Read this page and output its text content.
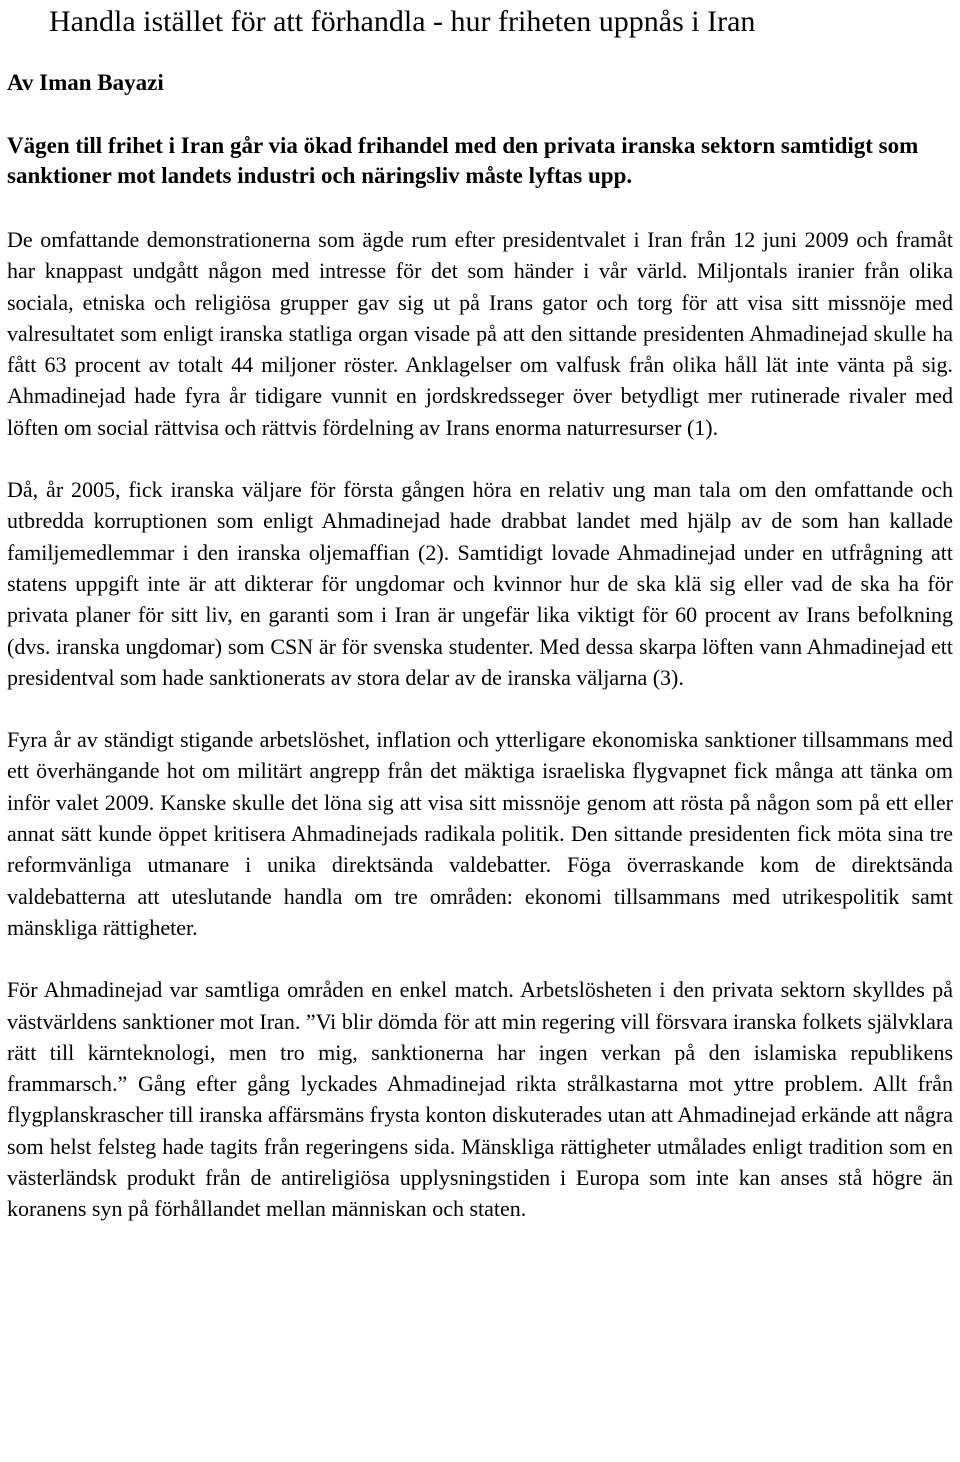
Handla istället för att förhandla - hur friheten uppnås i Iran
Av Iman Bayazi
Vägen till frihet i Iran går via ökad frihandel med den privata iranska sektorn samtidigt som sanktioner mot landets industri och näringsliv måste lyftas upp.

De omfattande demonstrationerna som ägde rum efter presidentvalet i Iran från 12 juni 2009 och framåt har knappast undgått någon med intresse för det som händer i vår värld. Miljontals iranier från olika sociala, etniska och religiösa grupper gav sig ut på Irans gator och torg för att visa sitt missnöje med valresultatet som enligt iranska statliga organ visade på att den sittande presidenten Ahmadinejad skulle ha fått 63 procent av totalt 44 miljoner röster. Anklagelser om valfusk från olika håll lät inte vänta på sig. Ahmadinejad hade fyra år tidigare vunnit en jordskredsseger över betydligt mer rutinerade rivaler med löften om social rättvisa och rättvis fördelning av Irans enorma naturresurser (1).

Då, år 2005, fick iranska väljare för första gången höra en relativ ung man tala om den omfattande och utbredda korruptionen som enligt Ahmadinejad hade drabbat landet med hjälp av de som han kallade familjemedlemmar i den iranska oljemaffian (2). Samtidigt lovade Ahmadinejad under en utfrågning att statens uppgift inte är att dikterar för ungdomar och kvinnor hur de ska klä sig eller vad de ska ha för privata planer för sitt liv, en garanti som i Iran är ungefär lika viktigt för 60 procent av Irans befolkning (dvs. iranska ungdomar) som CSN är för svenska studenter. Med dessa skarpa löften vann Ahmadinejad ett presidentval som hade sanktionerats av stora delar av de iranska väljarna (3).

Fyra år av ständigt stigande arbetslöshet, inflation och ytterligare ekonomiska sanktioner tillsammans med ett överhängande hot om militärt angrepp från det mäktiga israeliska flygvapnet fick många att tänka om inför valet 2009. Kanske skulle det löna sig att visa sitt missnöje genom att rösta på någon som på ett eller annat sätt kunde öppet kritisera Ahmadinejads radikala politik. Den sittande presidenten fick möta sina tre reformvänliga utmanare i unika direktsända valdebatter. Föga överraskande kom de direktsända valdebatterna att uteslutande handla om tre områden: ekonomi tillsammans med utrikespolitik samt mänskliga rättigheter.

För Ahmadinejad var samtliga områden en enkel match. Arbetslösheten i den privata sektorn skylldes på västvärldens sanktioner mot Iran. ”Vi blir dömda för att min regering vill försvara iranska folkets självklara rätt till kärnteknologi, men tro mig, sanktionerna har ingen verkan på den islamiska republikens frammarsch.” Gång efter gång lyckades Ahmadinejad rikta strålkastarna mot yttre problem. Allt från flygplanskrascher till iranska affärsmäns frysta konton diskuterades utan att Ahmadinejad erkände att några som helst felsteg hade tagits från regeringens sida. Mänskliga rättigheter utmålades enligt tradition som en västerländsk produkt från de antireligiösa upplysningstiden i Europa som inte kan anses stå högre än koranens syn på förhållandet mellan människan och staten.
